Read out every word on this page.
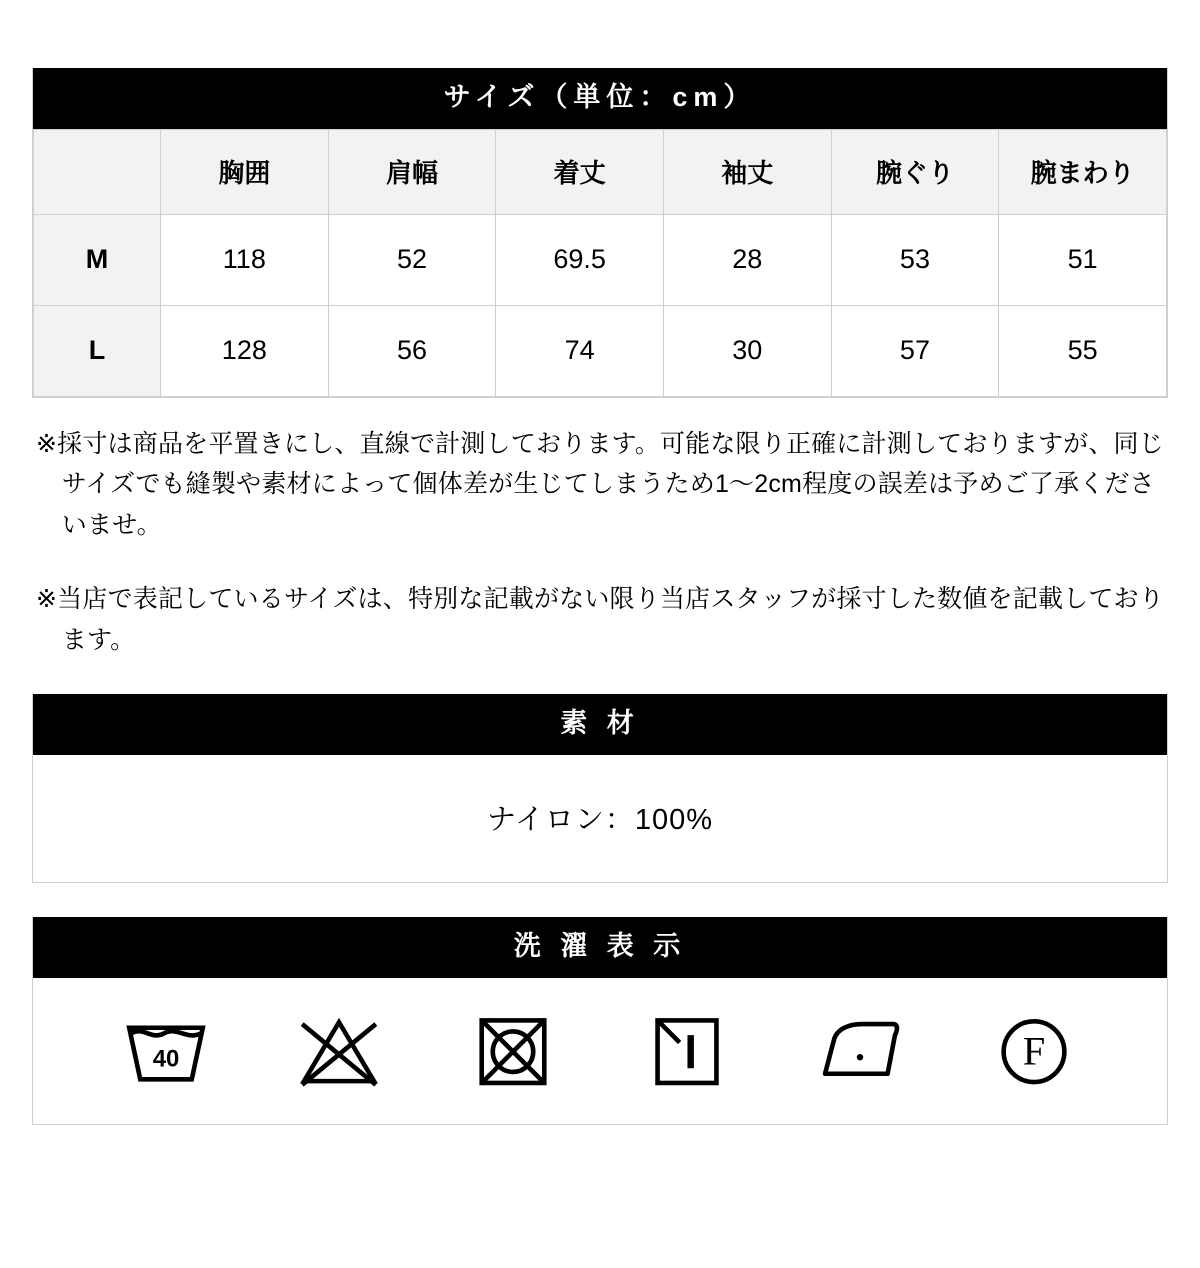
サイズ（単位：cm）
	胸囲	肩幅	着丈	袖丈	腕ぐり	腕まわり
M	118	52	69.5	28	53	51
L	128	56	74	30	57	55

※採寸は商品を平置きにし、直線で計測しております。可能な限り正確に計測しておりますが、同じサイズでも縫製や素材によって個体差が生じてしまうため1〜2cm程度の誤差は予めご了承くださいませ。

※当店で表記しているサイズは、特別な記載がない限り当店スタッフが採寸した数値を記載しております。

素 材
ナイロン：100%
洗 濯 表 示
40	F
